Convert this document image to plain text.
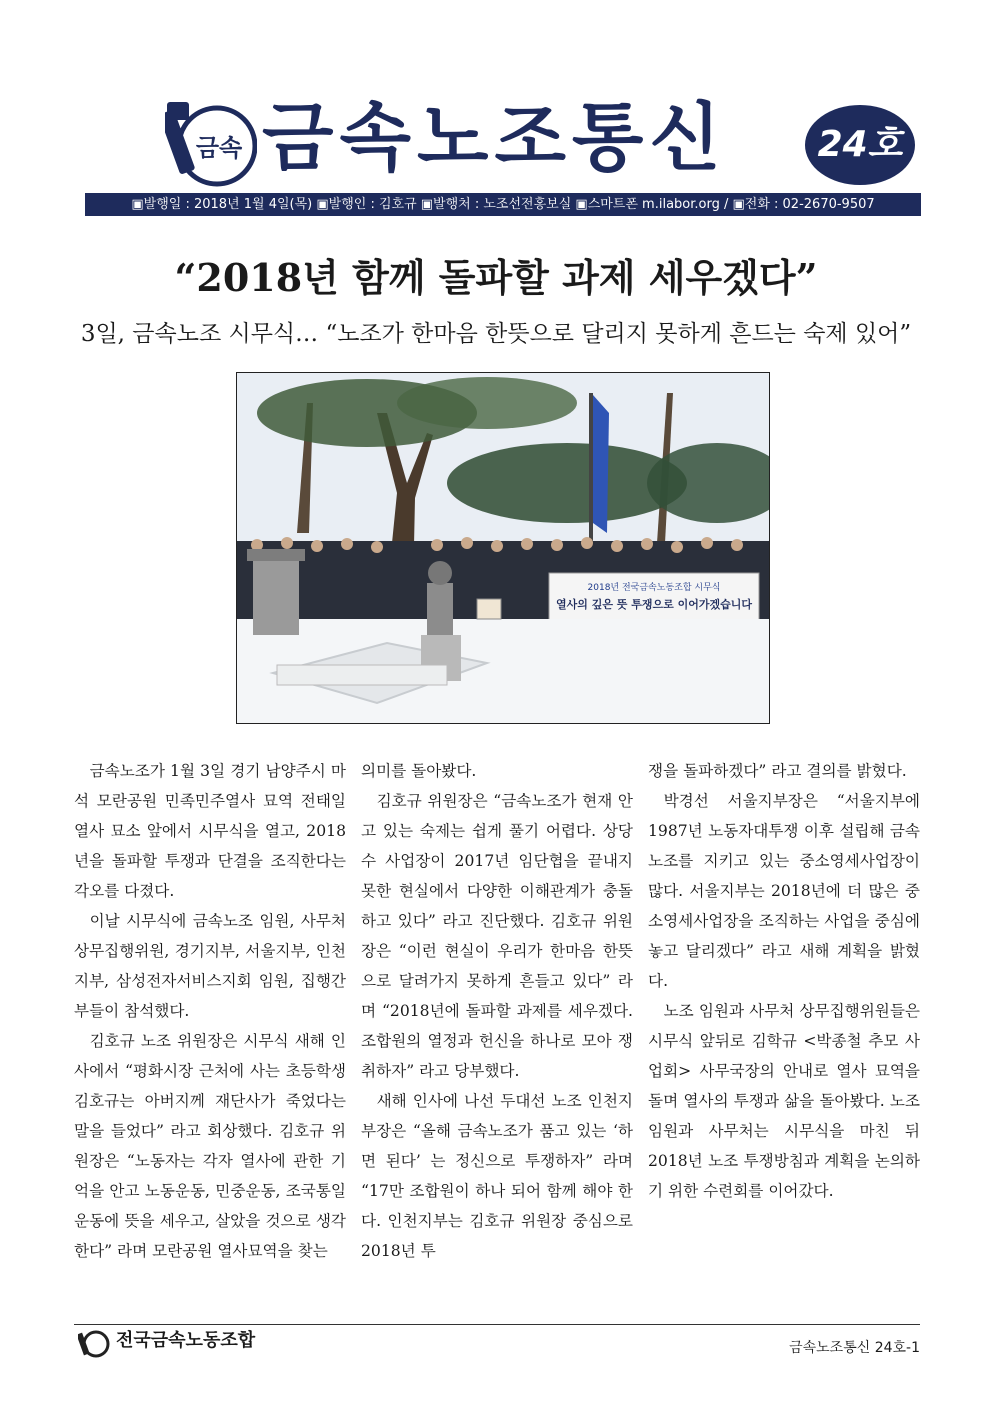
금속 금속노조통신	24호
▣발행일 : 2018년 1월 4일(목) ▣발행인 : 김호규 ▣발행처 : 노조선전홍보실 ▣스마트폰 m.ilabor.org / ▣전화 : 02-2670-9507
“2018년 함께 돌파할 과제 세우겠다”
3일, 금속노조 시무식… “노조가 한마음 한뜻으로 달리지 못하게 흔드는 숙제 있어”
2018년 전국금속노동조합 시무식
열사의 깊은 뜻 투쟁으로 이어가겠습니다

금속노조가 1월 3일 경기 남양주시 마석 모란공원 민족민주열사 묘역 전태일 열사 묘소 앞에서 시무식을 열고, 2018년을 돌파할 투쟁과 단결을 조직한다는 각오를 다졌다.

이날 시무식에 금속노조 임원, 사무처 상무집행위원, 경기지부, 서울지부, 인천지부, 삼성전자서비스지회 임원, 집행간부들이 참석했다.

김호규 노조 위원장은 시무식 새해 인사에서 “평화시장 근처에 사는 초등학생 김호규는 아버지께 재단사가 죽었다는 말을 들었다” 라고 회상했다. 김호규 위원장은 “노동자는 각자 열사에 관한 기억을 안고 노동운동, 민중운동, 조국통일운동에 뜻을 세우고, 살았을 것으로 생각한다” 라며 모란공원 열사묘역을 찾는

의미를 돌아봤다.

김호규 위원장은 “금속노조가 현재 안고 있는 숙제는 쉽게 풀기 어렵다. 상당수 사업장이 2017년 임단협을 끝내지 못한 현실에서 다양한 이해관계가 충돌하고 있다” 라고 진단했다. 김호규 위원장은 “이런 현실이 우리가 한마음 한뜻으로 달려가지 못하게 흔들고 있다” 라며 “2018년에 돌파할 과제를 세우겠다. 조합원의 열정과 헌신을 하나로 모아 쟁취하자” 라고 당부했다.

새해 인사에 나선 두대선 노조 인천지부장은 “올해 금속노조가 품고 있는 ‘하면 된다’ 는 정신으로 투쟁하자” 라며 “17만 조합원이 하나 되어 함께 해야 한다. 인천지부는 김호규 위원장 중심으로 2018년 투

쟁을 돌파하겠다” 라고 결의를 밝혔다.

박경선 서울지부장은 “서울지부에 1987년 노동자대투쟁 이후 설립해 금속노조를 지키고 있는 중소영세사업장이 많다. 서울지부는 2018년에 더 많은 중소영세사업장을 조직하는 사업을 중심에 놓고 달리겠다” 라고 새해 계획을 밝혔다.

노조 임원과 사무처 상무집행위원들은 시무식 앞뒤로 김학규 <박종철 추모 사업회> 사무국장의 안내로 열사 묘역을 돌며 열사의 투쟁과 삶을 돌아봤다. 노조 임원과 사무처는 시무식을 마친 뒤 2018년 노조 투쟁방침과 계획을 논의하기 위한 수련회를 이어갔다.

전국금속노동조합	금속노조통신 24호-1
